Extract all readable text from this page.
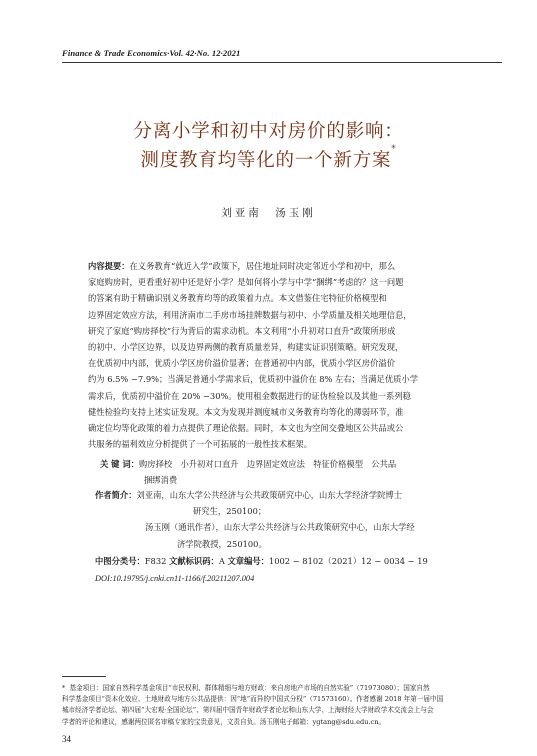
Finance & Trade Economics·Vol. 42·No. 12·2021
分离小学和初中对房价的影响：
测度教育均等化的一个新方案*
刘亚南　汤玉刚
内容提要：在义务教育“就近入学”政策下，居住地址同时决定邻近小学和初中，那么
家庭购房时，更看重好初中还是好小学？是如何将小学与中学“捆绑”考虑的？这一问题
的答案有助于精确识别义务教育均等的政策着力点。本文借鉴住宅特征价格模型和
边界固定效应方法，利用济南市二手房市场挂牌数据与初中、小学质量及相关地理信息，
研究了家庭“购房择校”行为背后的需求动机。本文利用“小升初对口直升”政策所形成
的初中、小学区边界，以及边界两侧的教育质量差异，构建实证识别策略。研究发现，
在优质初中内部，优质小学区房价溢价显著；在普通初中内部，优质小学区房价溢价
约为 6.5% −7.9%；当满足普通小学需求后，优质初中溢价在 8% 左右；当满足优质小学
需求后，优质初中溢价在 20% −30%。使用租金数据进行的证伪检验以及其他一系列稳
健性检验均支持上述实证发现。本文为发现并测度城市义务教育均等化的薄弱环节，准
确定位均等化政策的着力点提供了理论依据。同时，本文也为空间交叠地区公共品或公
共服务的福利效应分析提供了一个可拓展的一般性技术框架。
关 键 词：购房择校　小升初对口直升　边界固定效应法　特征价格模型　公共品
捆绑消费
作者简介：刘亚南，山东大学公共经济与公共政策研究中心，山东大学经济学院博士
研究生，250100；
汤玉刚（通讯作者），山东大学公共经济与公共政策研究中心，山东大学经
济学院教授，250100。
中图分类号：F832 文献标识码：A 文章编号：1002 − 8102（2021）12 − 0034 − 19
DOI:10.19795/j.cnki.cn11-1166/f.20211207.004
* 基金项目：国家自然科学基金项目“市民权利、群体精细与地方财政：来自房地产市场的自然实验”（71973080）；国家自然
科学基金项目“资本化效应、土地财政与地方公共品提供：因“地”而异的中国式分权”（71573160）。作者感谢 2018 年第一届中国
城市经济学者论坛、第四届“大宏观·全国论坛”、第四届中国青年财政学者论坛和山东大学、上海财经大学财政学术交流会上与会
学者的评论和建议，感谢两位匿名审稿专家的宝贵意见，文责自负。汤玉刚电子邮箱：ygtang@sdu.edu.cn。
34
